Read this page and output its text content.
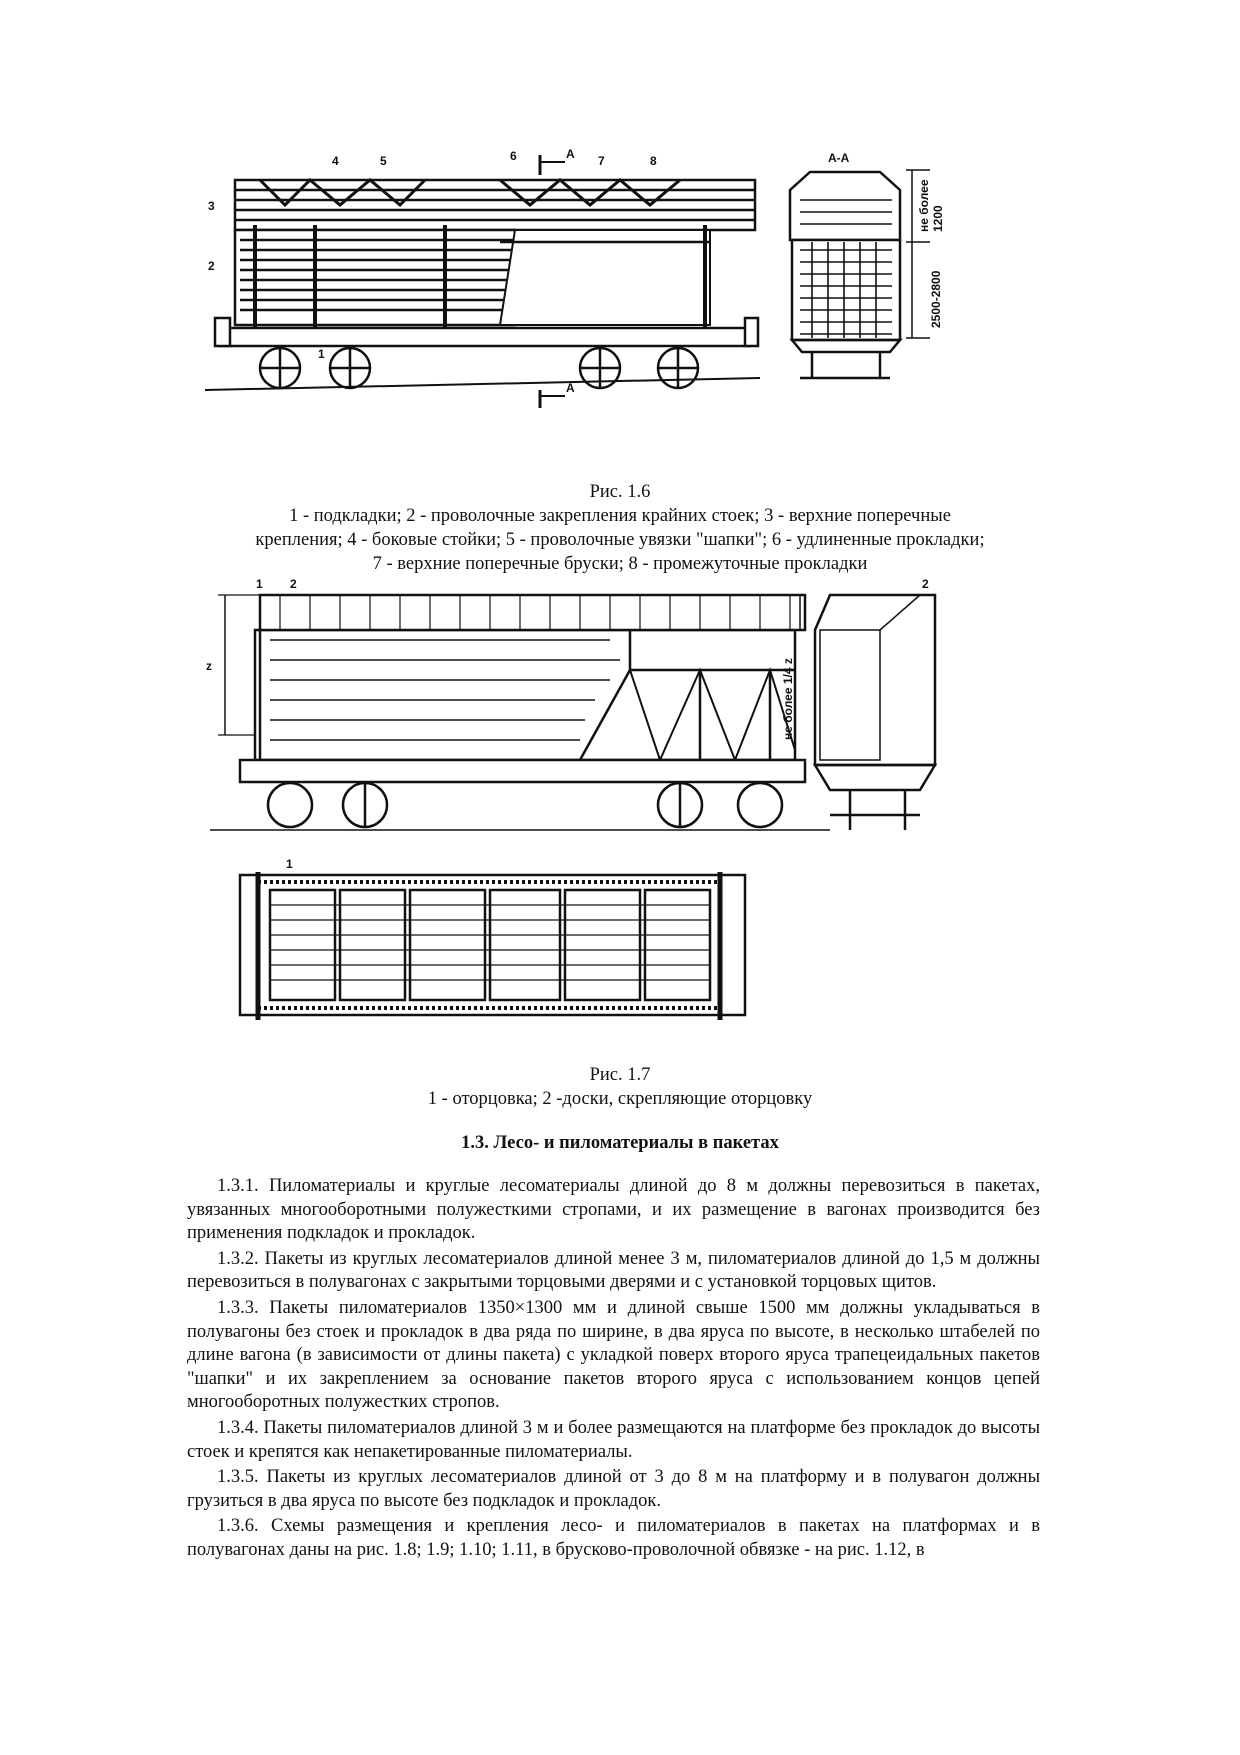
А
А
3
2
1
4	5	6	7	8	А-А
не более 1200
2500-2800
Рис. 1.6
1 - подкладки; 2 - проволочные закрепления крайних стоек; 3 - верхние поперечные
крепления; 4 - боковые стойки; 5 - проволочные увязки "шапки"; 6 - удлиненные прокладки;
7 - верхние поперечные бруски; 8 - промежуточные прокладки
1 2
z	не более 1/4 z
2
1
Рис. 1.7
1 - оторцовка; 2 -доски, скрепляющие оторцовку
1.3. Лесо- и пиломатериалы в пакетах

1.3.1. Пиломатериалы и круглые лесоматериалы длиной до 8 м должны перевозиться в пакетах, увязанных многооборотными полужесткими стропами, и их размещение в вагонах производится без применения подкладок и прокладок.

1.3.2. Пакеты из круглых лесоматериалов длиной менее 3 м, пиломатериалов длиной до 1,5 м должны перевозиться в полувагонах с закрытыми торцовыми дверями и с установкой торцовых щитов.

1.3.3. Пакеты пиломатериалов 1350×1300 мм и длиной свыше 1500 мм должны укладываться в полувагоны без стоек и прокладок в два ряда по ширине, в два яруса по высоте, в несколько штабелей по длине вагона (в зависимости от длины пакета) с укладкой поверх второго яруса трапецеидальных пакетов "шапки" и их закреплением за основание пакетов второго яруса с использованием концов цепей многооборотных полужестких стропов.

1.3.4. Пакеты пиломатериалов длиной 3 м и более размещаются на платформе без прокладок до высоты стоек и крепятся как непакетированные пиломатериалы.

1.3.5. Пакеты из круглых лесоматериалов длиной от 3 до 8 м на платформу и в полувагон должны грузиться в два яруса по высоте без подкладок и прокладок.

1.3.6. Схемы размещения и крепления лесо- и пиломатериалов в пакетах на платформах и в полувагонах даны на рис. 1.8; 1.9; 1.10; 1.11, в брусково-проволочной обвязке - на рис. 1.12, в
